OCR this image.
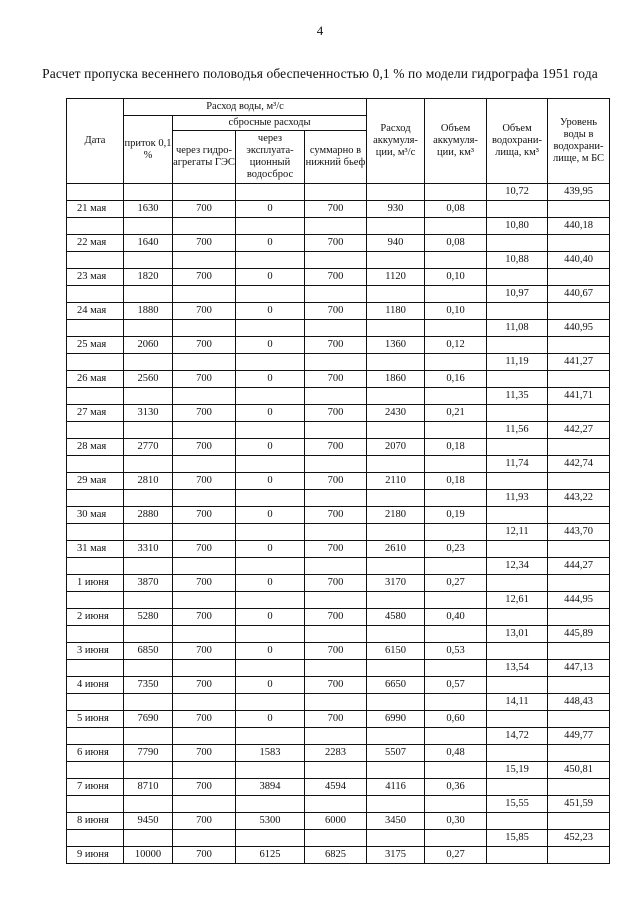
4
Расчет пропуска весеннего половодья обеспеченностью 0,1 % по модели гидрографа 1951 года
Дата	Расход воды, м³/с				Расход аккумуля-ции, м³/с	Объем аккумуля-ции, км³	Объем водохрани-лища, км³	Уровень воды в водохрани-лище, м БС
	приток 0,1 %	сбросные расходы						
		через гидро-агрегаты ГЭС	через эксплуата-ционный водосброс	суммарно в нижний бьеф				
							10,72	439,95
21 мая	1630	700	0	700	930	0,08		
							10,80	440,18
22 мая	1640	700	0	700	940	0,08		
							10,88	440,40
23 мая	1820	700	0	700	1120	0,10		
							10,97	440,67
24 мая	1880	700	0	700	1180	0,10		
							11,08	440,95
25 мая	2060	700	0	700	1360	0,12		
							11,19	441,27
26 мая	2560	700	0	700	1860	0,16		
							11,35	441,71
27 мая	3130	700	0	700	2430	0,21		
							11,56	442,27
28 мая	2770	700	0	700	2070	0,18		
							11,74	442,74
29 мая	2810	700	0	700	2110	0,18		
							11,93	443,22
30 мая	2880	700	0	700	2180	0,19		
							12,11	443,70
31 мая	3310	700	0	700	2610	0,23		
							12,34	444,27
1 июня	3870	700	0	700	3170	0,27		
							12,61	444,95
2 июня	5280	700	0	700	4580	0,40		
							13,01	445,89
3 июня	6850	700	0	700	6150	0,53		
							13,54	447,13
4 июня	7350	700	0	700	6650	0,57		
							14,11	448,43
5 июня	7690	700	0	700	6990	0,60		
							14,72	449,77
6 июня	7790	700	1583	2283	5507	0,48		
							15,19	450,81
7 июня	8710	700	3894	4594	4116	0,36		
							15,55	451,59
8 июня	9450	700	5300	6000	3450	0,30		
							15,85	452,23
9 июня	10000	700	6125	6825	3175	0,27		
